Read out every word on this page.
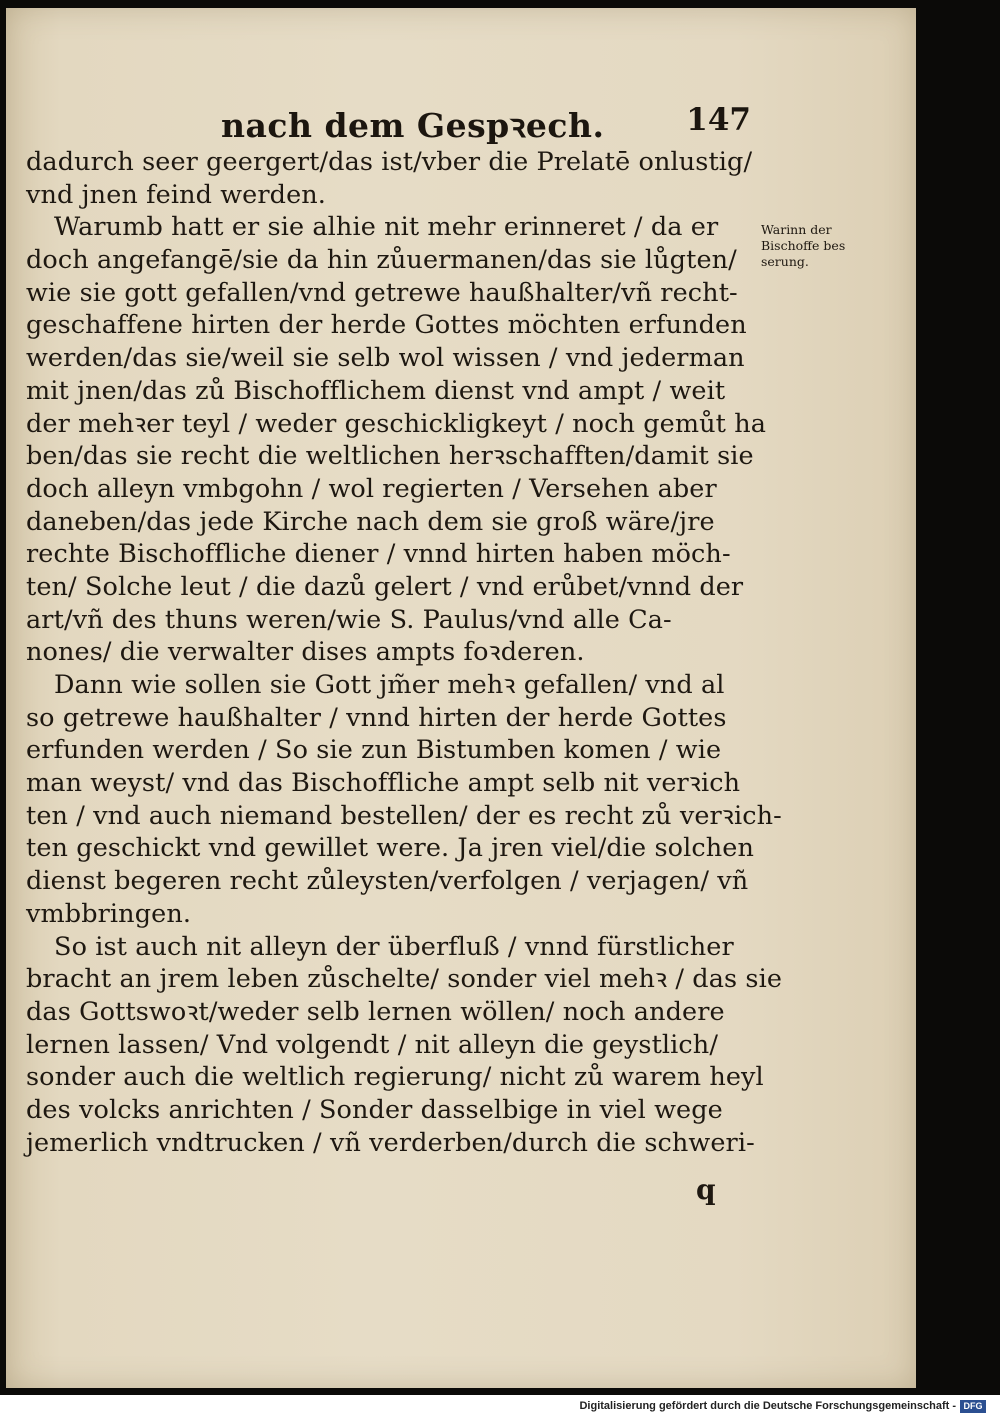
nach dem Gespꝛech.	147
dadurch seer geergert/das ist/vber die Prelatē onlustig/
vnd jnen feind werden.
Warumb hatt er sie alhie nit mehr erinneret / da er
doch angefangē/sie da hin zůuermanen/das sie lůgten/
wie sie gott gefallen/vnd getrewe haußhalter/vñ recht-
geschaffene hirten der herde Gottes möchten erfunden
werden/das sie/weil sie selb wol wissen / vnd jederman
mit jnen/das zů Bischofflichem dienst vnd ampt / weit
der mehꝛer teyl / weder geschickligkeyt / noch gemůt ha
ben/das sie recht die weltlichen herꝛschafften/damit sie
doch alleyn vmbgohn / wol regierten / Versehen aber
daneben/das jede Kirche nach dem sie groß wäre/jre
rechte Bischoffliche diener / vnnd hirten haben möch-
ten/ Solche leut / die dazů gelert / vnd erůbet/vnnd der
art/vñ des thuns weren/wie S. Paulus/vnd alle Ca-
nones/ die verwalter dises ampts foꝛderen.
Dann wie sollen sie Gott jm̃er mehꝛ gefallen/ vnd al
so getrewe haußhalter / vnnd hirten der herde Gottes
erfunden werden / So sie zun Bistumben komen / wie
man weyst/ vnd das Bischoffliche ampt selb nit verꝛich
ten / vnd auch niemand bestellen/ der es recht zů verꝛich-
ten geschickt vnd gewillet were. Ja jren viel/die solchen
dienst begeren recht zůleysten/verfolgen / verjagen/ vñ
vmbbringen.
So ist auch nit alleyn der überfluß / vnnd fürstlicher
bracht an jrem leben zůschelte/ sonder viel mehꝛ / das sie
das Gottswoꝛt/weder selb lernen wöllen/ noch andere
lernen lassen/ Vnd volgendt / nit alleyn die geystlich/
sonder auch die weltlich regierung/ nicht zů warem heyl
des volcks anrichten / Sonder dasselbige in viel wege
jemerlich vndtrucken / vñ verderben/durch die schweri-
Warinn der
Bischoffe bes
serung.
q
Digitalisierung gefördert durch die Deutsche Forschungsgemeinschaft - DFG
